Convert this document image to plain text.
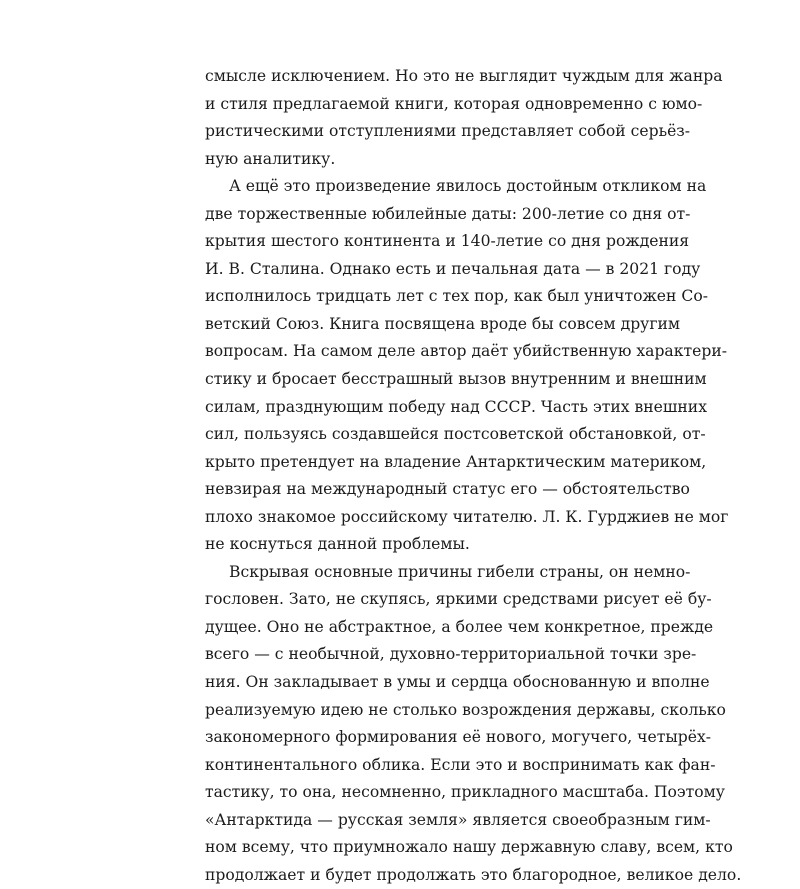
смысле исключением. Но это не выглядит чуждым для жанра
и стиля предлагаемой книги, которая одновременно с юмо-
ристическими отступлениями представляет собой серьёз-
ную аналитику.
А ещё это произведение явилось достойным откликом на
две торжественные юбилейные даты: 200-летие со дня от-
крытия шестого континента и 140-летие со дня рождения
И. В. Сталина. Однако есть и печальная дата — в 2021 году
исполнилось тридцать лет с тех пор, как был уничтожен Со-
ветский Союз. Книга посвящена вроде бы совсем другим
вопросам. На самом деле автор даёт убийственную характери-
стику и бросает бесстрашный вызов внутренним и внешним
силам, празднующим победу над СССР. Часть этих внешних
сил, пользуясь создавшейся постсоветской обстановкой, от-
крыто претендует на владение Антарктическим материком,
невзирая на международный статус его — обстоятельство
плохо знакомое российскому читателю. Л. К. Гурджиев не мог
не коснуться данной проблемы.
Вскрывая основные причины гибели страны, он немно-
гословен. Зато, не скупясь, яркими средствами рисует её бу-
дущее. Оно не абстрактное, а более чем конкретное, прежде
всего — с необычной, духовно-территориальной точки зре-
ния. Он закладывает в умы и сердца обоснованную и вполне
реализуемую идею не столько возрождения державы, сколько
закономерного формирования её нового, могучего, четырёх-
континентального облика. Если это и воспринимать как фан-
тастику, то она, несомненно, прикладного масштаба. Поэтому
«Антарктида — русская земля» является своеобразным гим-
ном всему, что приумножало нашу державную славу, всем, кто
продолжает и будет продолжать это благородное, великое дело.
